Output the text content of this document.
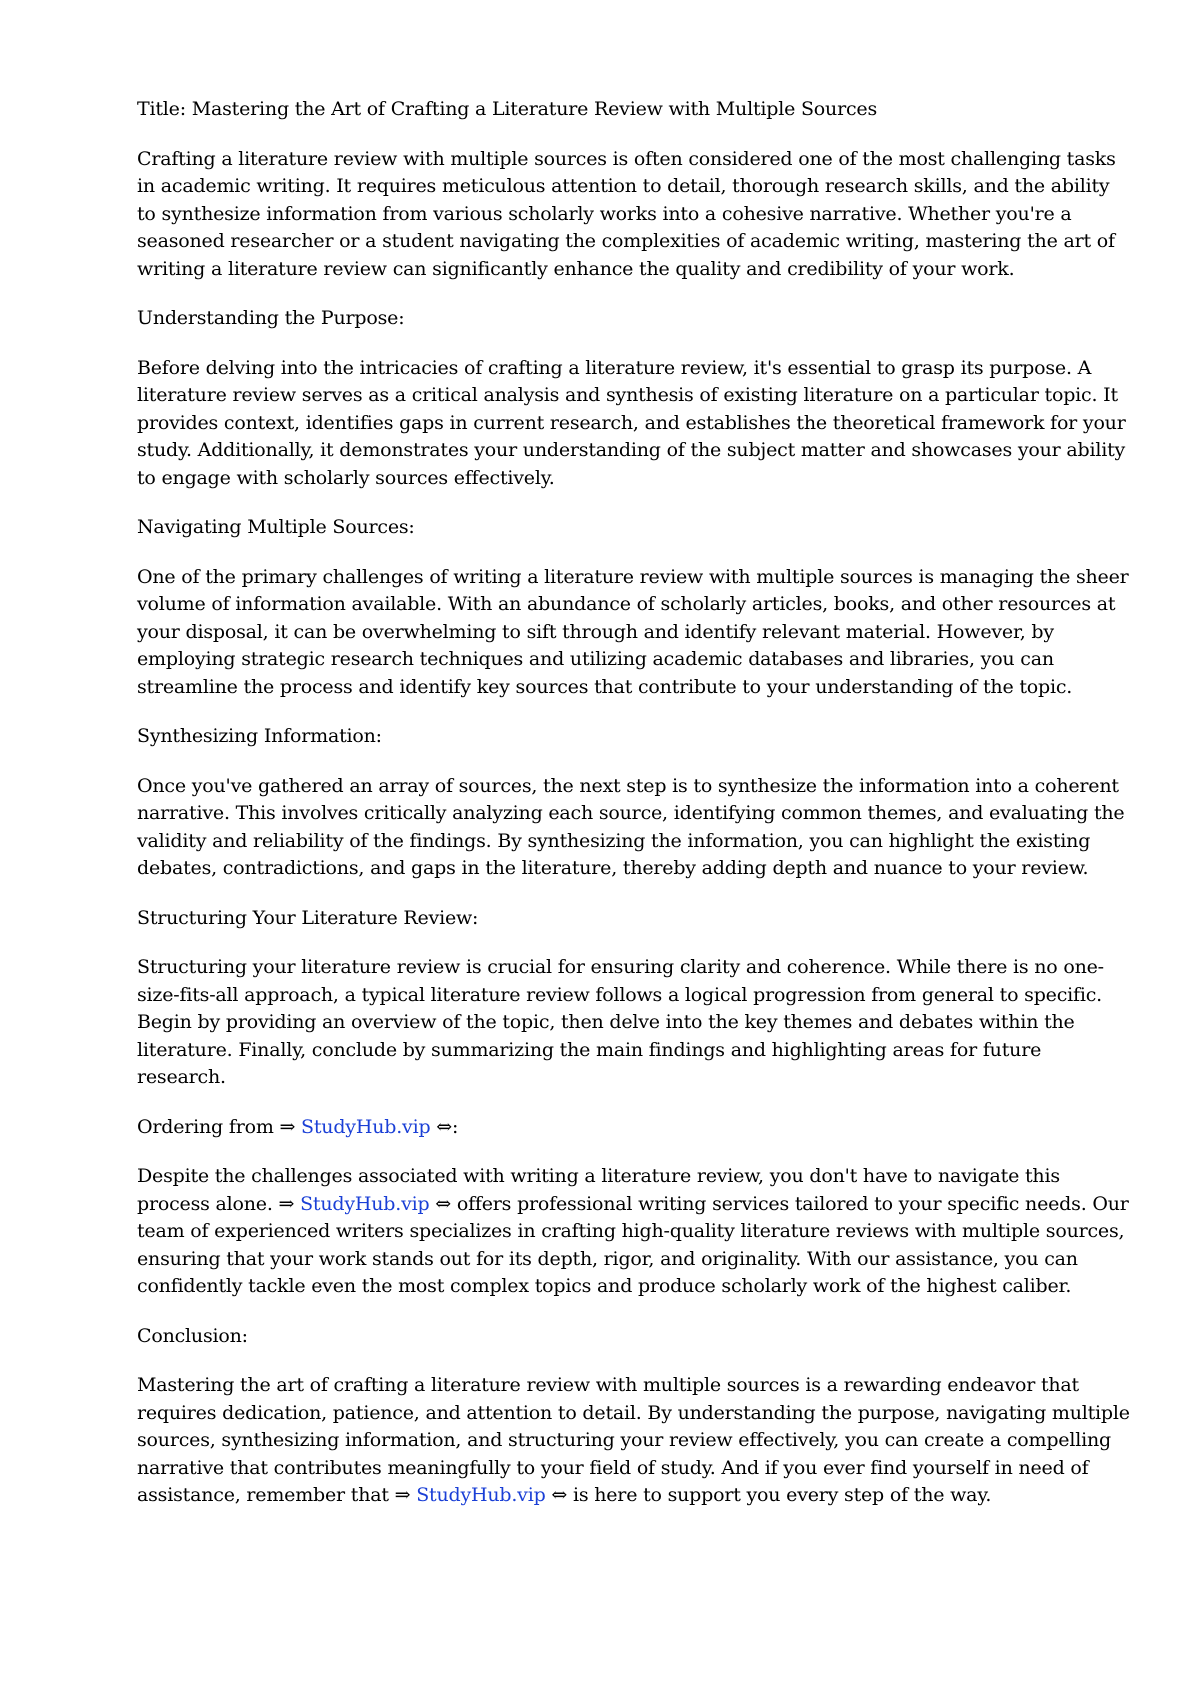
Title: Mastering the Art of Crafting a Literature Review with Multiple Sources

Crafting a literature review with multiple sources is often considered one of the most challenging tasks in academic writing. It requires meticulous attention to detail, thorough research skills, and the ability to synthesize information from various scholarly works into a cohesive narrative. Whether you're a seasoned researcher or a student navigating the complexities of academic writing, mastering the art of writing a literature review can significantly enhance the quality and credibility of your work.

Understanding the Purpose:

Before delving into the intricacies of crafting a literature review, it's essential to grasp its purpose. A literature review serves as a critical analysis and synthesis of existing literature on a particular topic. It provides context, identifies gaps in current research, and establishes the theoretical framework for your study. Additionally, it demonstrates your understanding of the subject matter and showcases your ability to engage with scholarly sources effectively.

Navigating Multiple Sources:

One of the primary challenges of writing a literature review with multiple sources is managing the sheer volume of information available. With an abundance of scholarly articles, books, and other resources at your disposal, it can be overwhelming to sift through and identify relevant material. However, by employing strategic research techniques and utilizing academic databases and libraries, you can streamline the process and identify key sources that contribute to your understanding of the topic.

Synthesizing Information:

Once you've gathered an array of sources, the next step is to synthesize the information into a coherent narrative. This involves critically analyzing each source, identifying common themes, and evaluating the validity and reliability of the findings. By synthesizing the information, you can highlight the existing debates, contradictions, and gaps in the literature, thereby adding depth and nuance to your review.

Structuring Your Literature Review:

Structuring your literature review is crucial for ensuring clarity and coherence. While there is no one-size-fits-all approach, a typical literature review follows a logical progression from general to specific. Begin by providing an overview of the topic, then delve into the key themes and debates within the literature. Finally, conclude by summarizing the main findings and highlighting areas for future research.

Ordering from ⇒ StudyHub.vip ⇔:

Despite the challenges associated with writing a literature review, you don't have to navigate this process alone. ⇒ StudyHub.vip ⇔ offers professional writing services tailored to your specific needs. Our team of experienced writers specializes in crafting high-quality literature reviews with multiple sources, ensuring that your work stands out for its depth, rigor, and originality. With our assistance, you can confidently tackle even the most complex topics and produce scholarly work of the highest caliber.

Conclusion:

Mastering the art of crafting a literature review with multiple sources is a rewarding endeavor that requires dedication, patience, and attention to detail. By understanding the purpose, navigating multiple sources, synthesizing information, and structuring your review effectively, you can create a compelling narrative that contributes meaningfully to your field of study. And if you ever find yourself in need of assistance, remember that ⇒ StudyHub.vip ⇔ is here to support you every step of the way.
